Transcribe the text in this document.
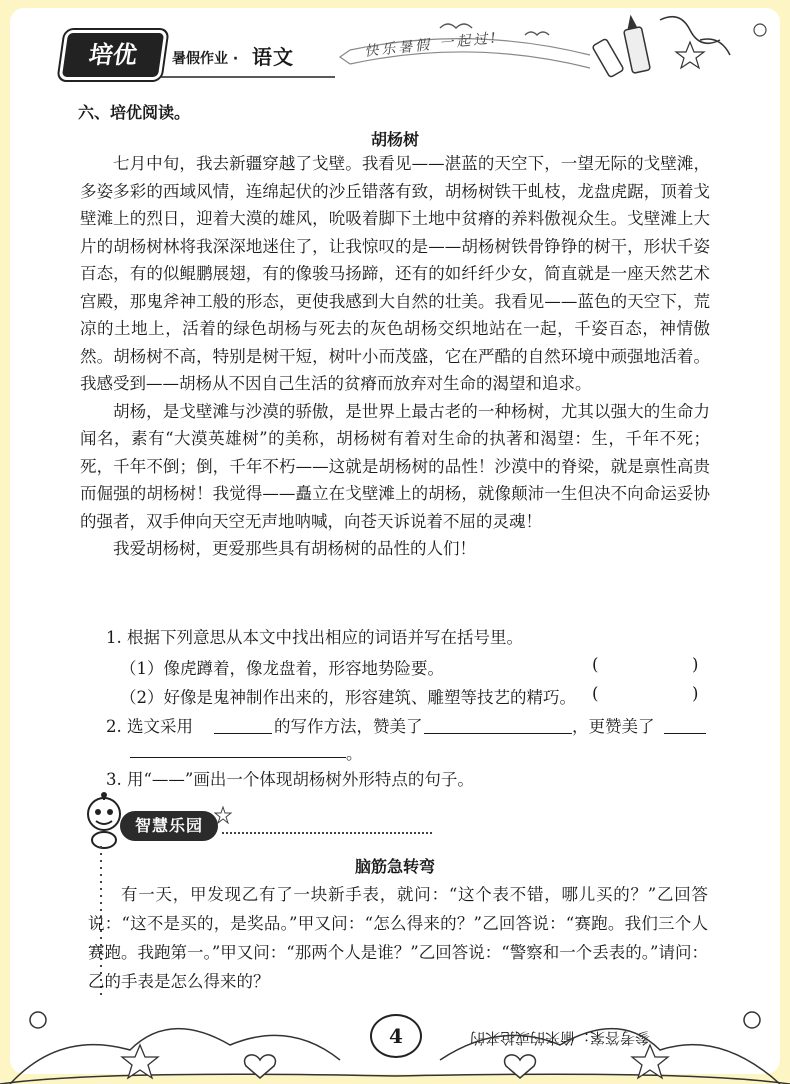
培优	暑假作业 · 语文	快乐暑假 一起过!
六、培优阅读。
胡杨树

七月中旬，我去新疆穿越了戈壁。我看见——湛蓝的天空下，一望无际的戈壁滩，多姿多彩的西域风情，连绵起伏的沙丘错落有致，胡杨树铁干虬枝，龙盘虎踞，顶着戈壁滩上的烈日，迎着大漠的雄风，吮吸着脚下土地中贫瘠的养料傲视众生。戈壁滩上大片的胡杨树林将我深深地迷住了，让我惊叹的是——胡杨树铁骨铮铮的树干，形状千姿百态，有的似鲲鹏展翅，有的像骏马扬蹄，还有的如纤纤少女，简直就是一座天然艺术宫殿，那鬼斧神工般的形态，更使我感到大自然的壮美。我看见——蓝色的天空下，荒凉的土地上，活着的绿色胡杨与死去的灰色胡杨交织地站在一起，千姿百态，神情傲然。胡杨树不高，特别是树干短，树叶小而茂盛，它在严酷的自然环境中顽强地活着。我感受到——胡杨从不因自己生活的贫瘠而放弃对生命的渴望和追求。

胡杨，是戈壁滩与沙漠的骄傲，是世界上最古老的一种杨树，尤其以强大的生命力闻名，素有“大漠英雄树”的美称，胡杨树有着对生命的执著和渴望：生，千年不死；死，千年不倒；倒，千年不朽——这就是胡杨树的品性！沙漠中的脊梁，就是禀性高贵而倔强的胡杨树！我觉得——矗立在戈壁滩上的胡杨，就像颠沛一生但决不向命运妥协的强者，双手伸向天空无声地呐喊，向苍天诉说着不屈的灵魂！

我爱胡杨树，更爱那些具有胡杨树的品性的人们！

1. 根据下列意思从本文中找出相应的词语并写在括号里。
（1）像虎蹲着，像龙盘着，形容地势险要。	(	)
（2）好像是鬼神制作出来的，形容建筑、雕塑等技艺的精巧。 (	)
2. 选文采用	的写作方法，赞美了	，更赞美了
。
3. 用“——”画出一个体现胡杨树外形特点的句子。
智慧乐园
脑筋急转弯

有一天，甲发现乙有了一块新手表，就问：“这个表不错，哪儿买的？”乙回答说：“这不是买的，是奖品。”甲又问：“怎么得来的？”乙回答说：“赛跑。我们三个人赛跑。我跑第一。”甲又问：“那两个人是谁？”乙回答说：“警察和一个丢表的。”请问：乙的手表是怎么得来的？

参考答案：偷来的或抢来的
4
